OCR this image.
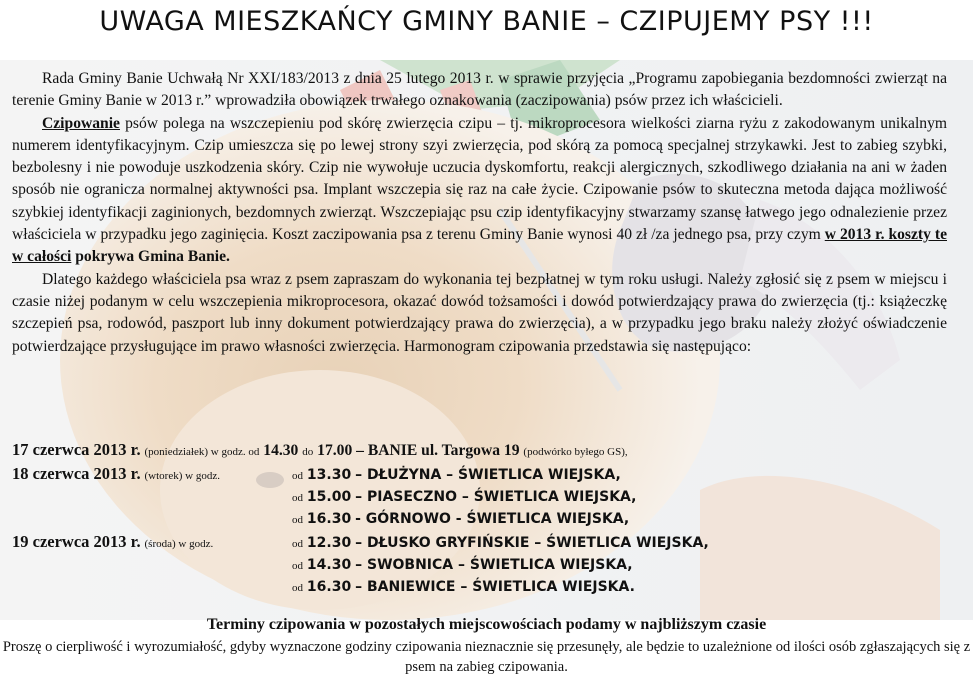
UWAGA MIESZKAŃCY GMINY BANIE – CZIPUJEMY PSY !!!

Rada Gminy Banie Uchwałą Nr XXI/183/2013 z dnia 25 lutego 2013 r. w sprawie przyjęcia „Programu zapobiegania bezdomności zwierząt na terenie Gminy Banie w 2013 r.” wprowadziła obowiązek trwałego oznakowania (zaczipowania) psów przez ich właścicieli.

Czipowanie psów polega na wszczepieniu pod skórę zwierzęcia czipu – tj. mikroprocesora wielkości ziarna ryżu z zakodowanym unikalnym numerem identyfikacyjnym. Czip umieszcza się po lewej strony szyi zwierzęcia, pod skórą za pomocą specjalnej strzykawki. Jest to zabieg szybki, bezbolesny i nie powoduje uszkodzenia skóry. Czip nie wywołuje uczucia dyskomfortu, reakcji alergicznych, szkodliwego działania na ani w żaden sposób nie ogranicza normalnej aktywności psa. Implant wszczepia się raz na całe życie. Czipowanie psów to skuteczna metoda dająca możliwość szybkiej identyfikacji zaginionych, bezdomnych zwierząt. Wszczepiając psu czip identyfikacyjny stwarzamy szansę łatwego jego odnalezienie przez właściciela w przypadku jego zaginięcia. Koszt zaczipowania psa z terenu Gminy Banie wynosi 40 zł /za jednego psa, przy czym w 2013 r. koszty te w całości pokrywa Gmina Banie.

Dlatego każdego właściciela psa wraz z psem zapraszam do wykonania tej bezpłatnej w tym roku usługi. Należy zgłosić się z psem w miejscu i czasie niżej podanym w celu wszczepienia mikroprocesora, okazać dowód tożsamości i dowód potwierdzający prawa do zwierzęcia (tj.: książeczkę szczepień psa, rodowód, paszport lub inny dokument potwierdzający prawa do zwierzęcia), a w przypadku jego braku należy złożyć oświadczenie potwierdzające przysługujące im prawo własności zwierzęcia. Harmonogram czipowania przedstawia się następująco:

17 czerwca 2013 r. (poniedziałek) w godz. od 14.30 do 17.00 – BANIE ul. Targowa 19 (podwórko byłego GS),
18 czerwca 2013 r. (wtorek) w godz.	od 13.30 – DŁUŻYNA – ŚWIETLICA WIEJSKA,
od 15.00 – PIASECZNO – ŚWIETLICA WIEJSKA,
od 16.30 - GÓRNOWO - ŚWIETLICA WIEJSKA,
19 czerwca 2013 r. (środa) w godz.	od 12.30 – DŁUSKO GRYFIŃSKIE – ŚWIETLICA WIEJSKA,
od 14.30 – SWOBNICA – ŚWIETLICA WIEJSKA,
od 16.30 – BANIEWICE – ŚWIETLICA WIEJSKA.
Terminy czipowania w pozostałych miejscowościach podamy w najbliższym czasie
Proszę o cierpliwość i wyrozumiałość, gdyby wyznaczone godziny czipowania nieznacznie się przesunęły, ale będzie to uzależnione od ilości osób zgłaszających się z psem na zabieg czipowania.
